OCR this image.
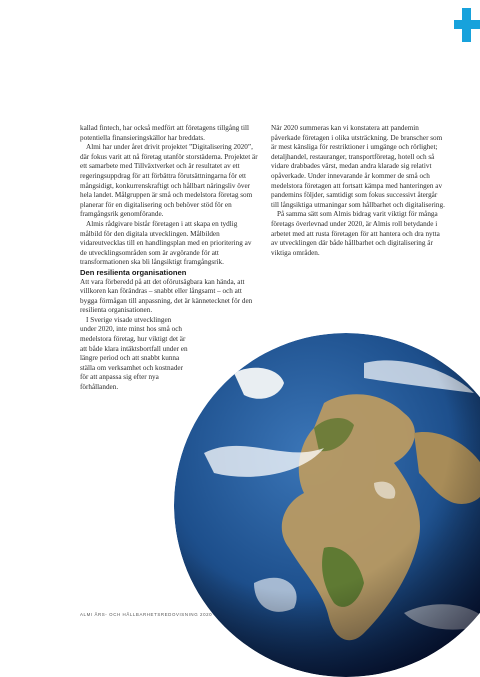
kallad fintech, har också medfört att företagens tillgång till potentiella finansieringskällor har breddats.

Almi har under året drivit projektet ”Digitalisering 2020”, där fokus varit att nå företag utanför storstäderna. Projektet är ett samarbete med Tillväxtverket och är resultatet av ett regeringsuppdrag för att förbättra förutsättningarna för ett mångsidigt, konkurrenskraftigt och hållbart näringsliv över hela landet. Målgruppen är små och medelstora företag som planerar för en digitalisering och behöver stöd för en framgångsrik genomförande.

Almis rådgivare bistår företagen i att skapa en tydlig målbild för den digitala utvecklingen. Målbilden vidareutvecklas till en handlingsplan med en prioritering av de utvecklingsområden som är avgörande för att transformationen ska bli långsiktigt framgångsrik.

Den resilienta organisationen

Att vara förberedd på att det oförutsägbara kan hända, att villkoren kan förändras – snabbt eller långsamt – och att bygga förmågan till anpassning, det är kännetecknet för den resilienta organisationen.

I Sverige visade utvecklingen under 2020, inte minst hos små och medelstora företag, hur viktigt det är att både klara intäktsbortfall under en längre period och att snabbt kunna ställa om verksamhet och kostnader för att anpassa sig efter nya förhållanden.

När 2020 summeras kan vi konstatera att pandemin påverkade företagen i olika utsträckning. De branscher som är mest känsliga för restriktioner i umgänge och rörlighet; detaljhandel, restauranger, transportföretag, hotell och så vidare drabbades värst, medan andra klarade sig relativt opåverkade. Under innevarande år kommer de små och medelstora företagen att fortsatt kämpa med hanteringen av pandemins följder, samtidigt som fokus successivt återgår till långsiktiga utmaningar som hållbarhet och digitalisering.

På samma sätt som Almis bidrag varit viktigt för många företags överlevnad under 2020, är Almis roll betydande i arbetet med att rusta företagen för att hantera och dra nytta av utvecklingen där både hållbarhet och digitalisering är viktiga områden.

ALMI ÅRS- OCH HÅLLBARHETSREDOVISNING 2020
